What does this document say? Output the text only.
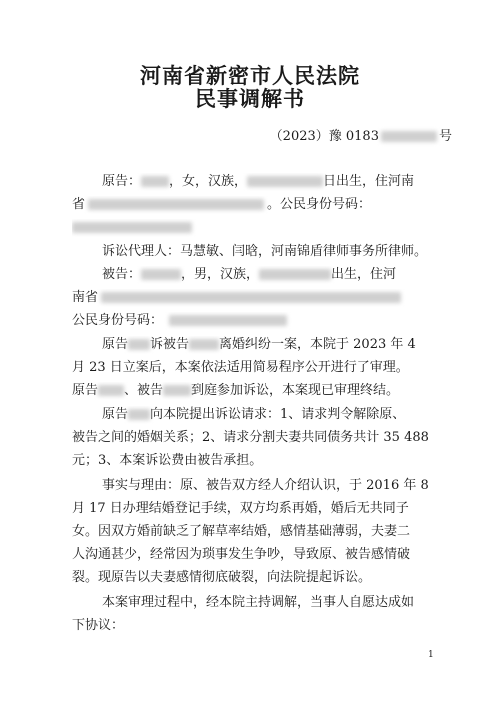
河南省新密市人民法院
民事调解书
（2023）豫 0183	号
原告： ，女，汉族，	日出生，住河南
省	。公民身份号码：
诉讼代理人：马慧敏、闫晗，河南锦盾律师事务所律师。
被告：	，男，汉族，	出生，住河
南省
公民身份号码：
原告 诉被告 离婚纠纷一案，本院于 2023 年 4
月 23 日立案后，本案依法适用简易程序公开进行了审理。
原告 、被告 到庭参加诉讼，本案现已审理终结。
原告 向本院提出诉讼请求：1、请求判令解除原、
被告之间的婚姻关系；2、请求分割夫妻共同债务共计 35 488
元；3、本案诉讼费由被告承担。
事实与理由：原、被告双方经人介绍认识，于 2016 年 8
月 17 日办理结婚登记手续，双方均系再婚，婚后无共同子
女。因双方婚前缺乏了解草率结婚，感情基础薄弱，夫妻二
人沟通甚少，经常因为琐事发生争吵，导致原、被告感情破
裂。现原告以夫妻感情彻底破裂，向法院提起诉讼。
本案审理过程中，经本院主持调解，当事人自愿达成如
下协议：
1
